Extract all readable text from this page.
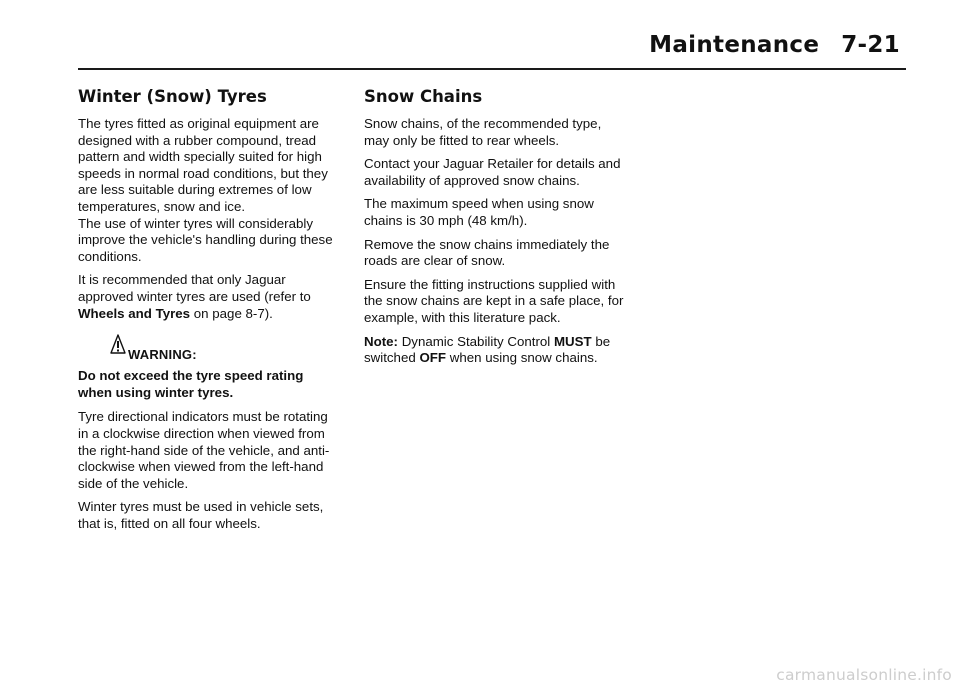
Maintenance 7-21
Winter (Snow) Tyres

The tyres fitted as original equipment are designed with a rubber compound, tread pattern and width specially suited for high speeds in normal road conditions, but they are less suitable during extremes of low temperatures, snow and ice.

The use of winter tyres will considerably improve the vehicle's handling during these conditions.

It is recommended that only Jaguar approved winter tyres are used (refer to Wheels and Tyres on page 8-7).

WARNING:

Do not exceed the tyre speed rating when using winter tyres.

Tyre directional indicators must be rotating in a clockwise direction when viewed from the right-hand side of the vehicle, and anti-clockwise when viewed from the left-hand side of the vehicle.

Winter tyres must be used in vehicle sets, that is, fitted on all four wheels.

Snow Chains

Snow chains, of the recommended type, may only be fitted to rear wheels.

Contact your Jaguar Retailer for details and availability of approved snow chains.

The maximum speed when using snow chains is 30 mph (48 km/h).

Remove the snow chains immediately the roads are clear of snow.

Ensure the fitting instructions supplied with the snow chains are kept in a safe place, for example, with this literature pack.

Note: Dynamic Stability Control MUST be switched OFF when using snow chains.

carmanualsonline.info
